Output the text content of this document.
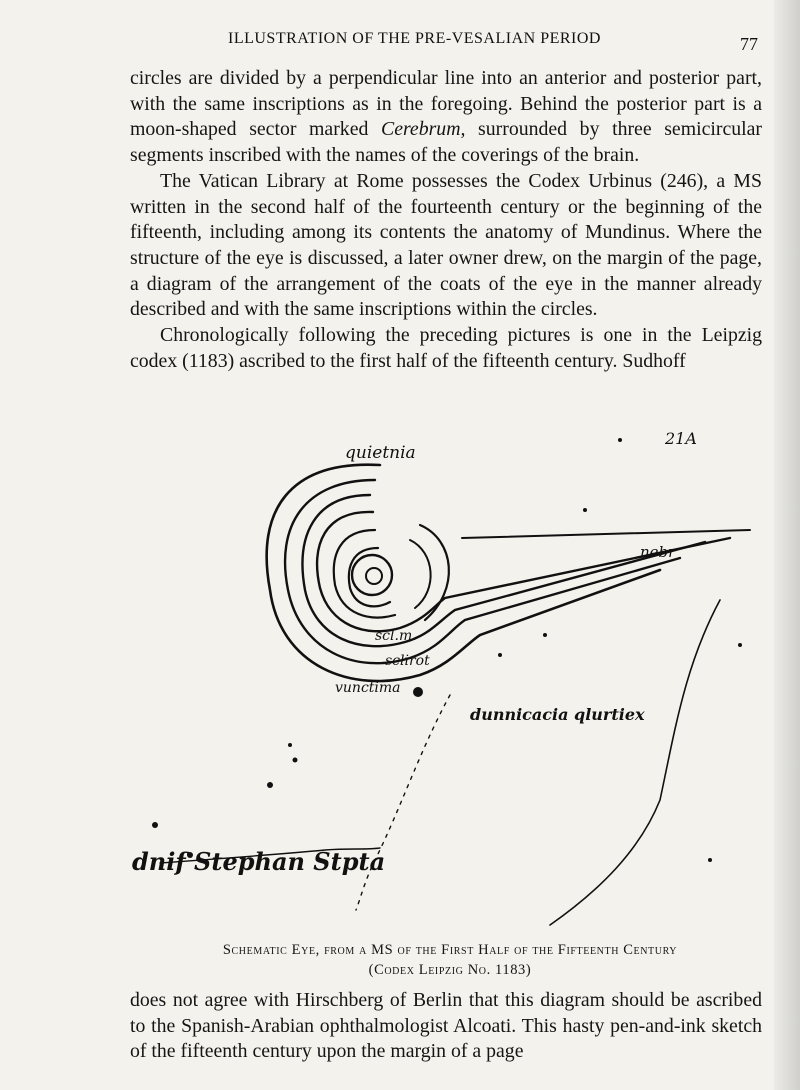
ILLUSTRATION OF THE PRE-VESALIAN PERIOD	77

circles are divided by a perpendicular line into an anterior and posterior part, with the same inscriptions as in the foregoing. Behind the posterior part is a moon-shaped sector marked Cerebrum, surrounded by three semicircular segments inscribed with the names of the coverings of the brain.

The Vatican Library at Rome possesses the Codex Urbinus (246), a MS written in the second half of the fourteenth century or the beginning of the fifteenth, including among its contents the anatomy of Mundinus. Where the structure of the eye is discussed, a later owner drew, on the margin of the page, a diagram of the arrangement of the coats of the eye in the manner already described and with the same inscriptions within the circles.

Chronologically following the preceding pictures is one in the Leipzig codex (1183) ascribed to the first half of the fifteenth century. Sudhoff

quietnia
21A
scl.m.
sclirot
vunctima
nebr
dunnicacia qlurtiex
dnif Stephan Stpta
Schematic Eye, from a MS of the First Half of the Fifteenth Century
(Codex Leipzig No. 1183)

does not agree with Hirschberg of Berlin that this diagram should be ascribed to the Spanish-Arabian ophthalmologist Alcoati. This hasty pen-and-ink sketch of the fifteenth century upon the margin of a page
